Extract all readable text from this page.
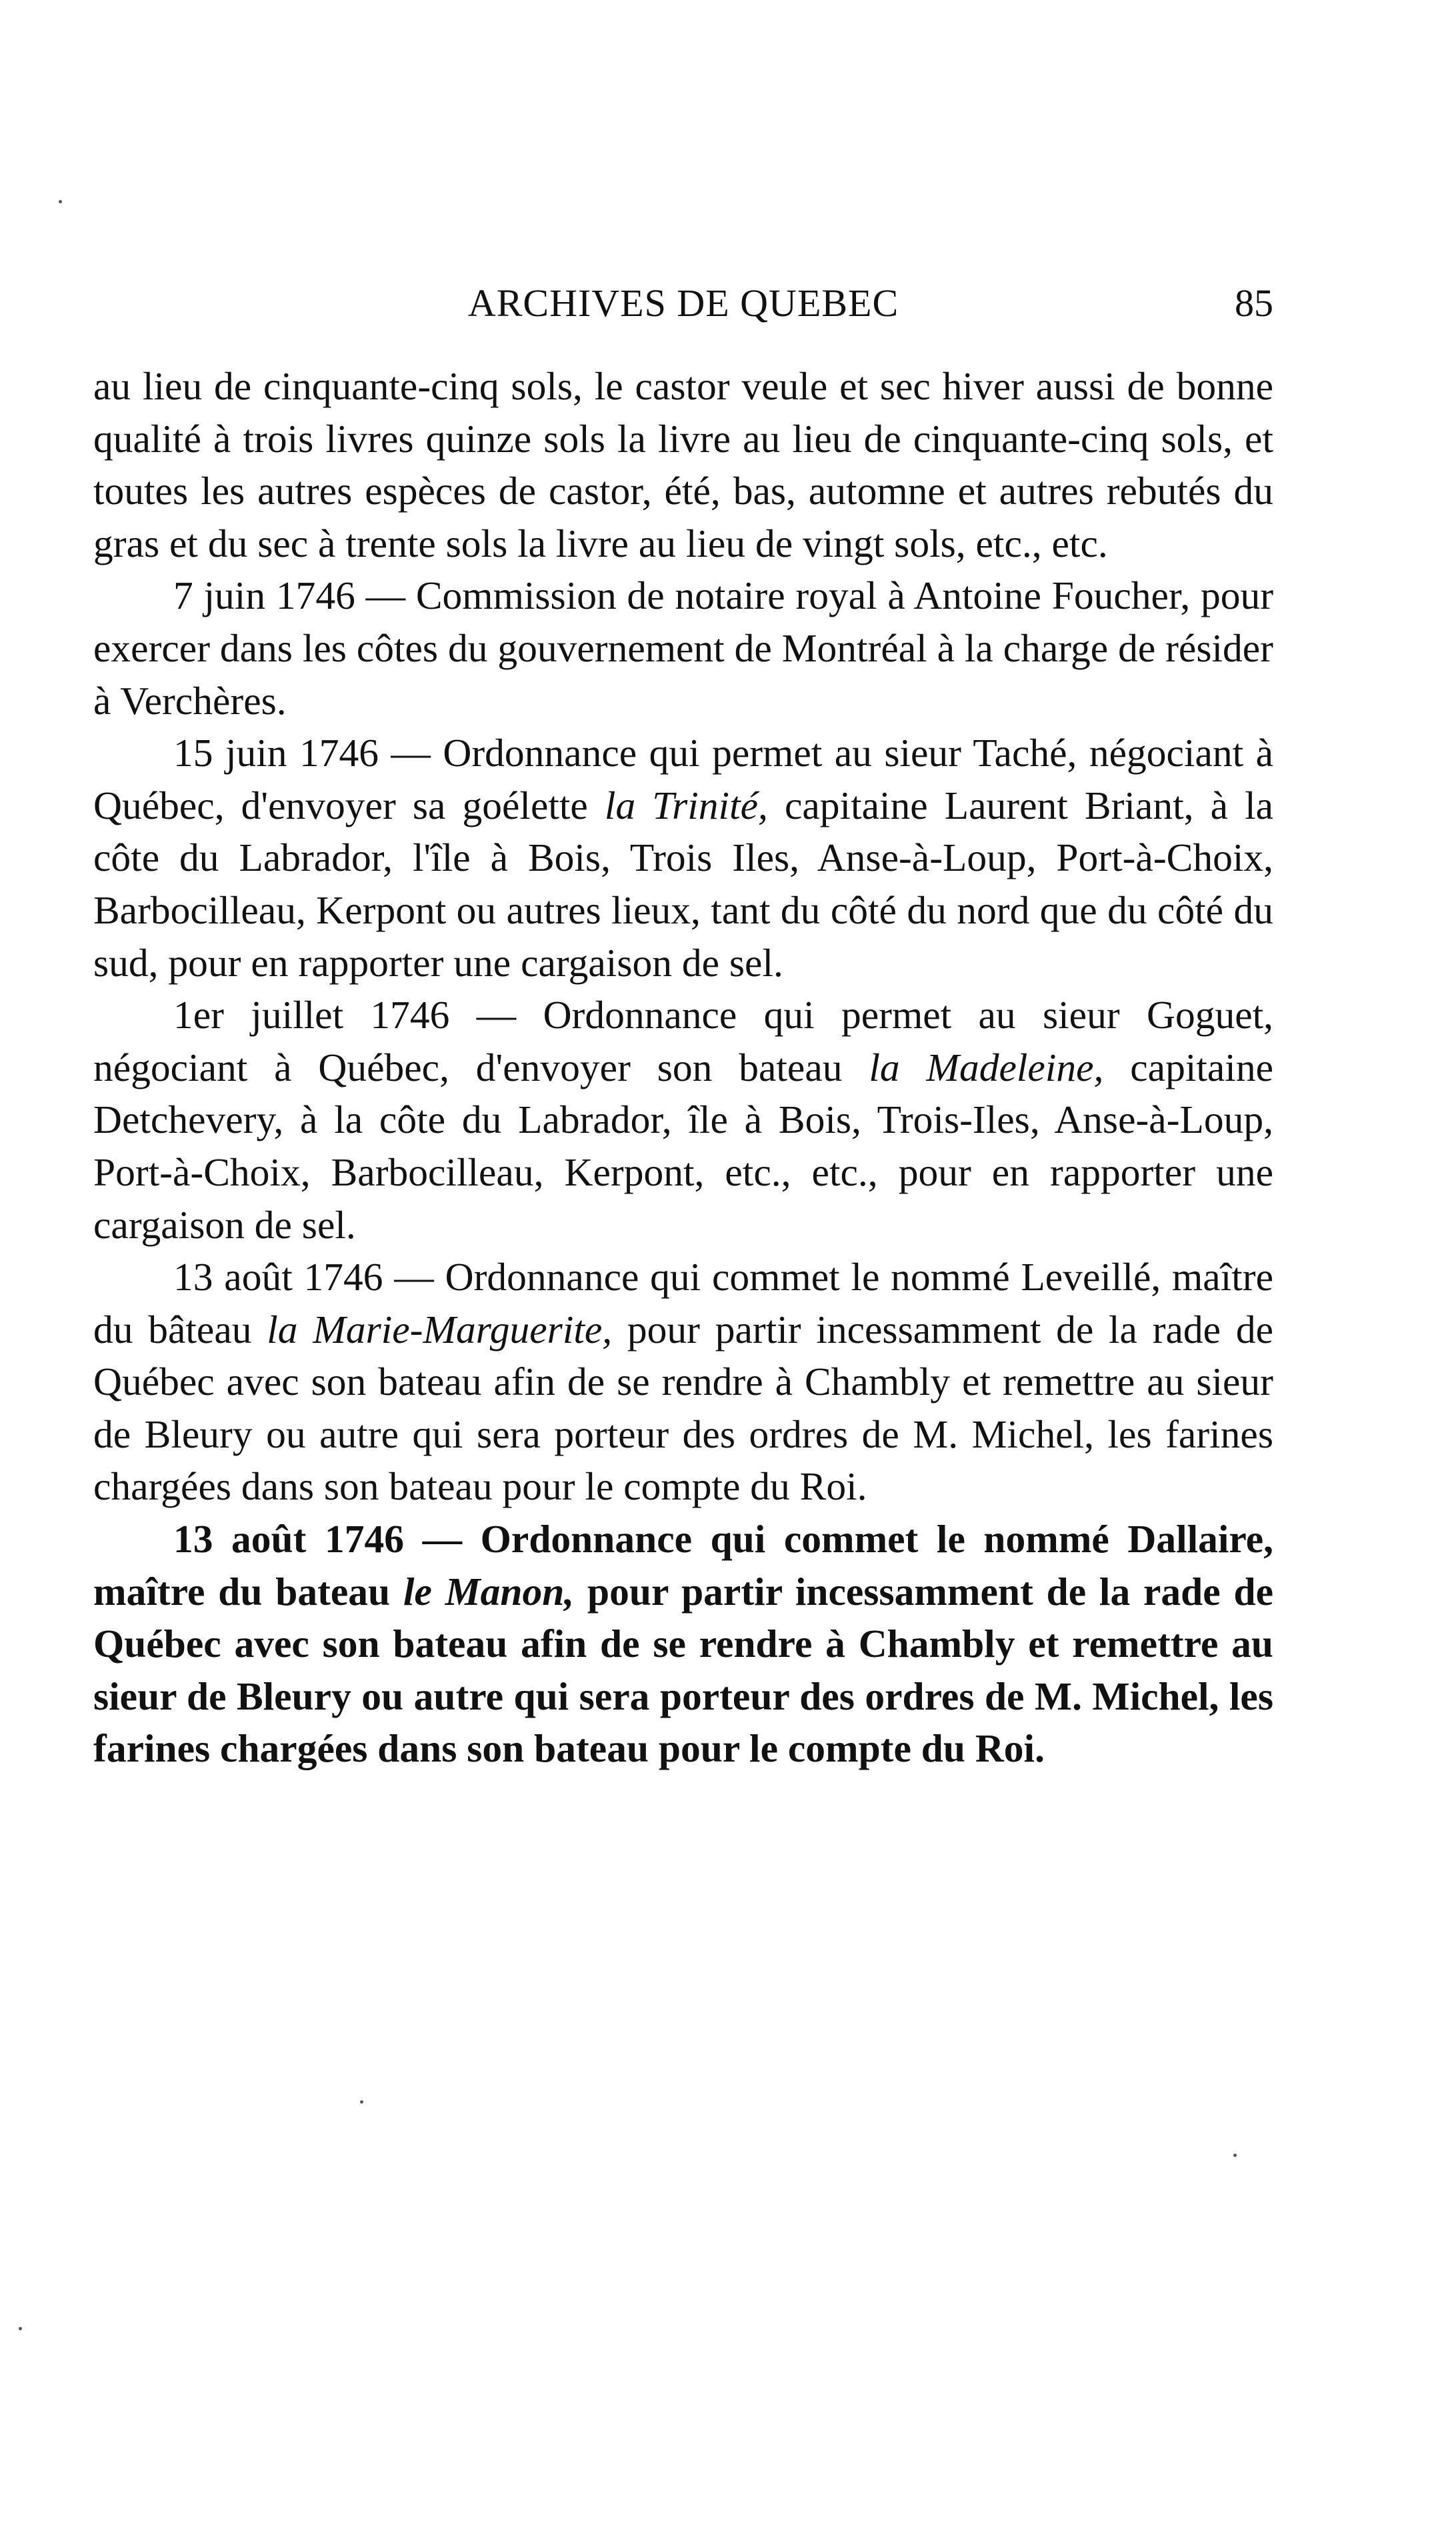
ARCHIVES DE QUEBEC	85

au lieu de cinquante-cinq sols, le castor veule et sec hiver aussi de bonne qualité à trois livres quinze sols la livre au lieu de cinquante-cinq sols, et toutes les autres espèces de castor, été, bas, automne et autres rebutés du gras et du sec à trente sols la livre au lieu de vingt sols, etc., etc.

7 juin 1746 — Commission de notaire royal à Antoine Foucher, pour exercer dans les côtes du gouvernement de Montréal à la charge de résider à Verchères.

15 juin 1746 — Ordonnance qui permet au sieur Taché, négociant à Québec, d'envoyer sa goélette la Trinité, capitaine Laurent Briant, à la côte du Labrador, l'île à Bois, Trois Iles, Anse-à-Loup, Port-à-Choix, Barbocilleau, Kerpont ou autres lieux, tant du côté du nord que du côté du sud, pour en rapporter une cargaison de sel.

1er juillet 1746 — Ordonnance qui permet au sieur Goguet, négociant à Québec, d'envoyer son bateau la Madeleine, capitaine Detchevery, à la côte du Labrador, île à Bois, Trois-Iles, Anse-à-Loup, Port-à-Choix, Barbocilleau, Kerpont, etc., etc., pour en rapporter une cargaison de sel.

13 août 1746 — Ordonnance qui commet le nommé Leveillé, maître du bâteau la Marie-Marguerite, pour partir incessamment de la rade de Québec avec son bateau afin de se rendre à Chambly et remettre au sieur de Bleury ou autre qui sera porteur des ordres de M. Michel, les farines chargées dans son bateau pour le compte du Roi.

13 août 1746 — Ordonnance qui commet le nommé Dallaire, maître du bateau le Manon, pour partir incessamment de la rade de Québec avec son bateau afin de se rendre à Chambly et remettre au sieur de Bleury ou autre qui sera porteur des ordres de M. Michel, les farines chargées dans son bateau pour le compte du Roi.
